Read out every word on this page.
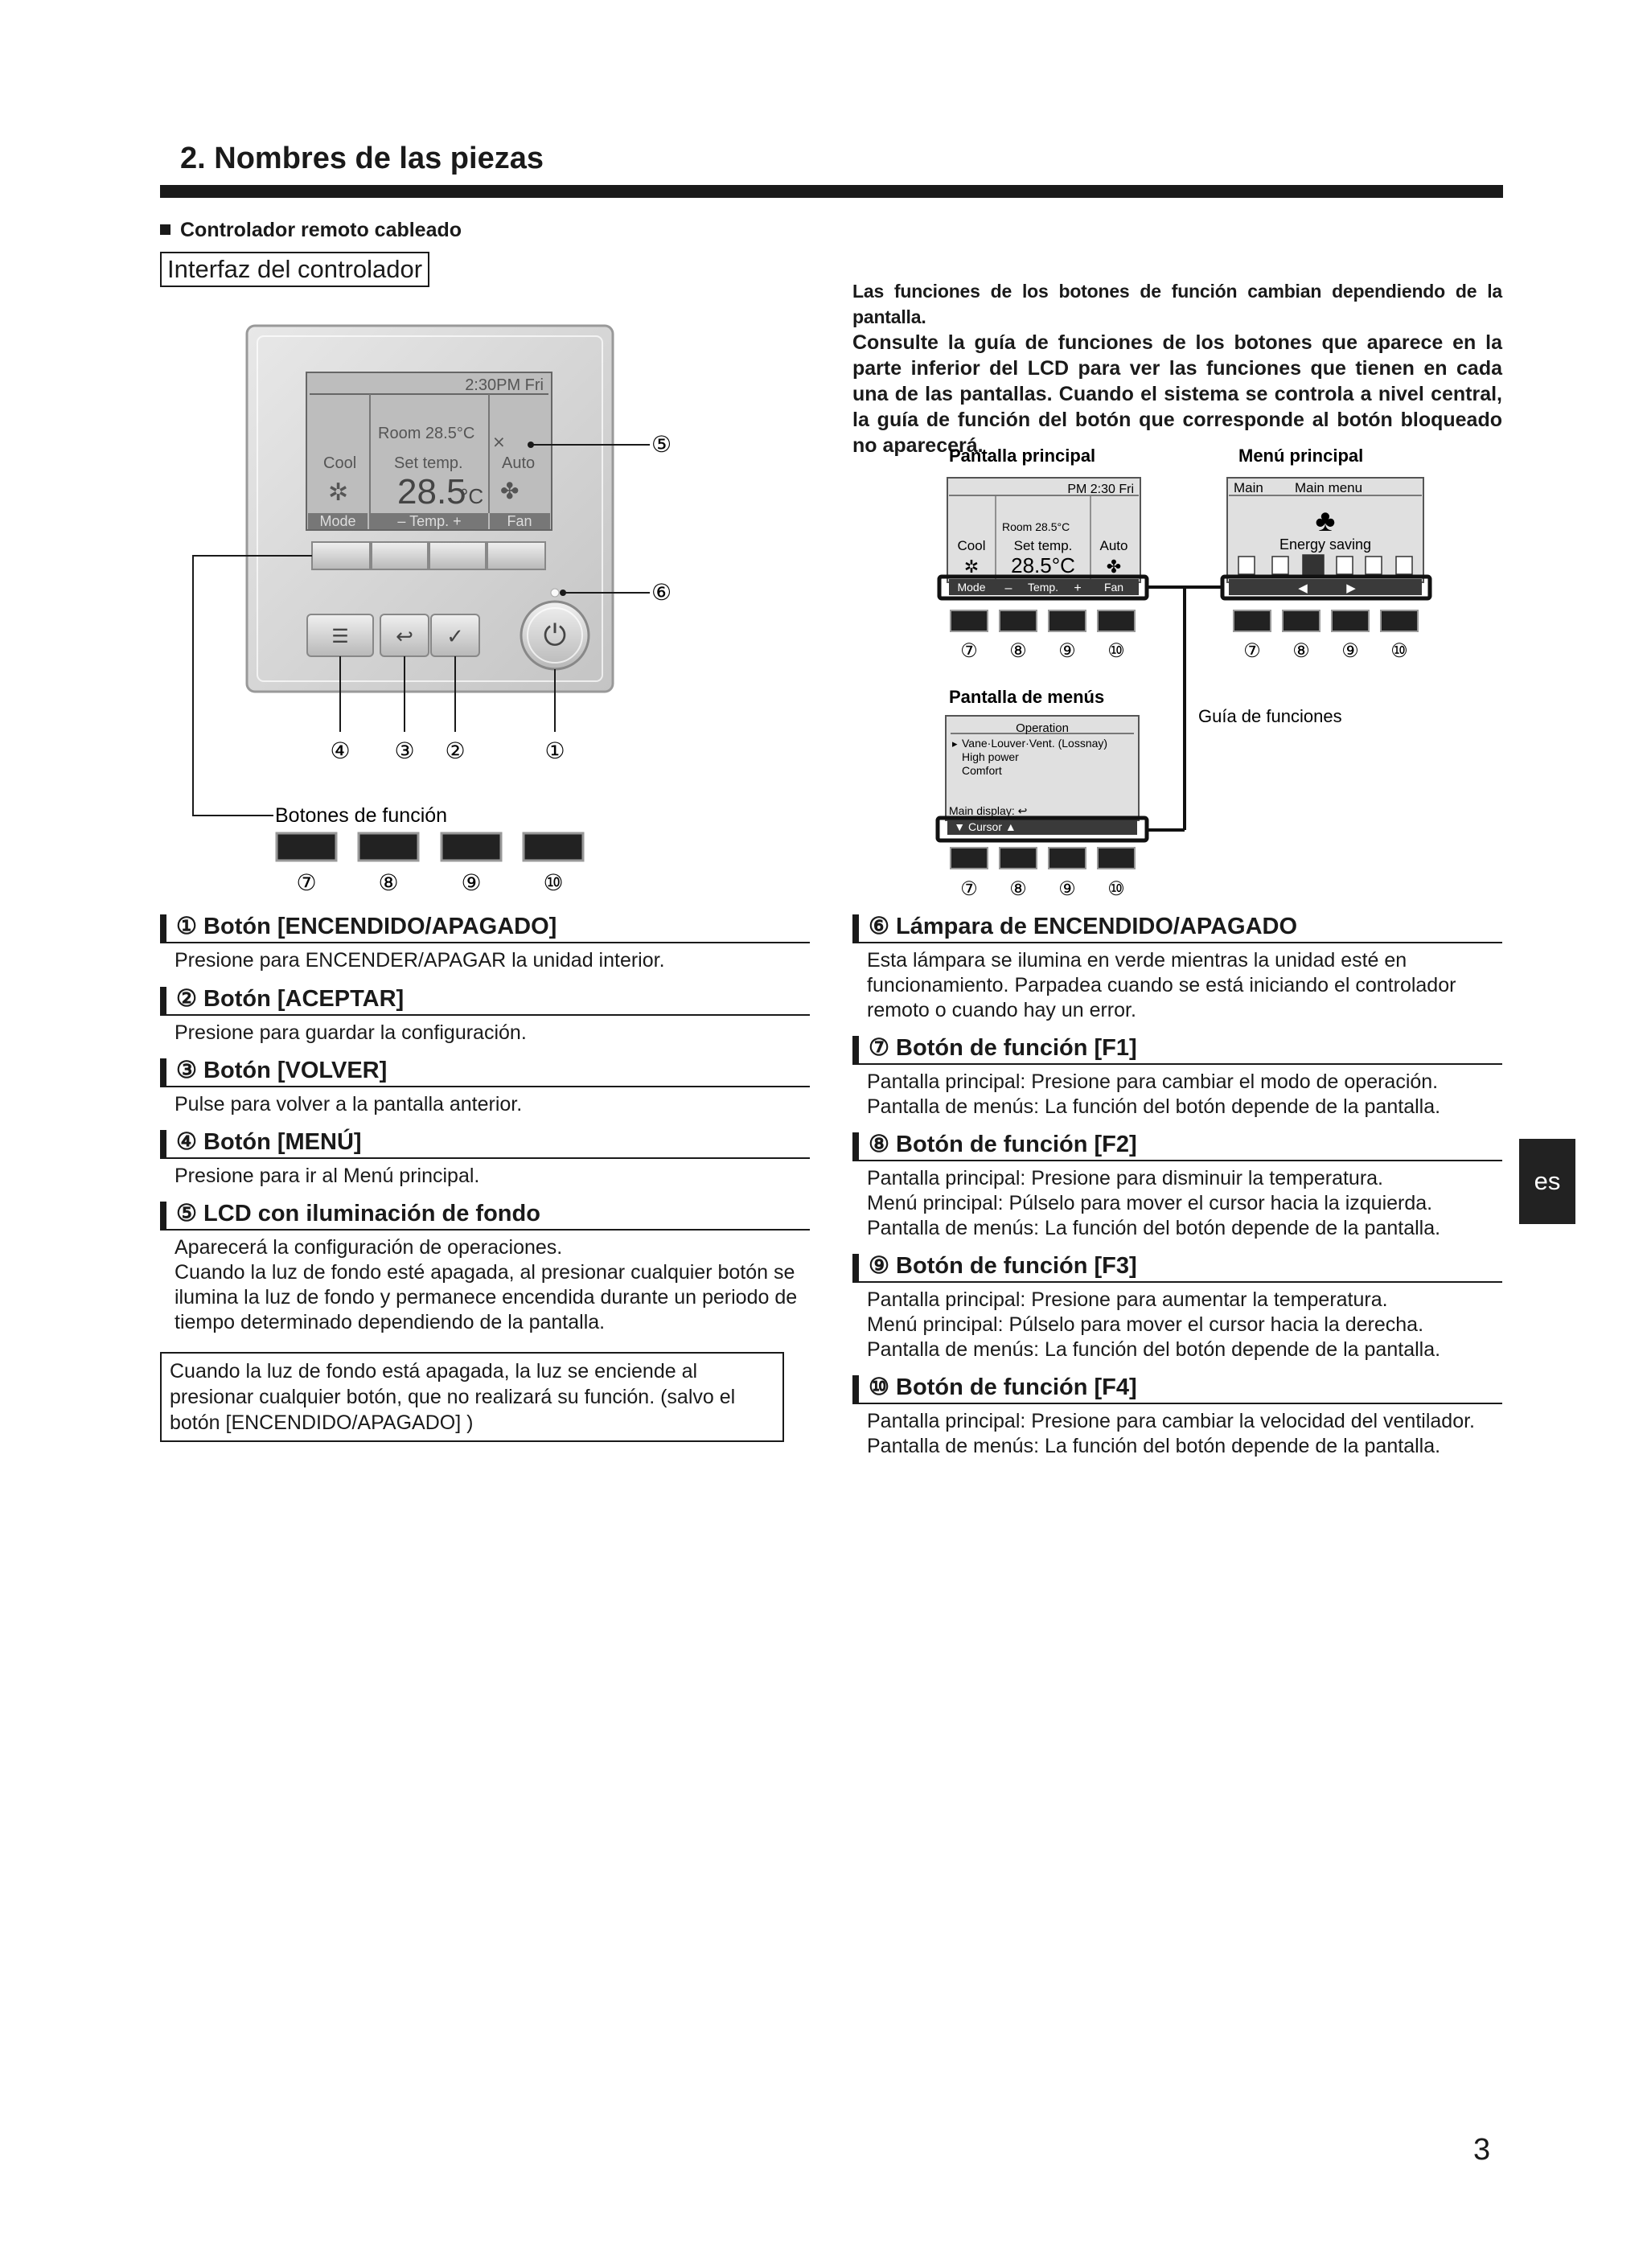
2. Nombres de las piezas
Controlador remoto cableado
Interfaz del controlador
Las funciones de los botones de función cambian dependiendo de la pantalla.
Consulte la guía de funciones de los botones que aparece en la parte inferior del LCD para ver las funciones que tienen en cada una de las pantallas. Cuando el sistema se controla a nivel central, la guía de función del botón que corresponde al botón bloqueado no aparecerá.
2:30PM Fri
Room 28.5°C
Cool Set temp. Auto
28.5
°C
✲	✤
⨯
Mode	– Temp. +	Fan
☰ ↩ ✓	⏻
⑤
⑥
④ ③ ②	①
Botones de función
⑦	⑧	⑨	⑩
Pantalla principal	Menú principal
PM 2:30 Fri
Room 28.5°C
Cool Set temp. Auto
28.5°C
✲	✤
Mode	Temp.	Fan
–	+
Main Main menu
♣
Energy saving
◀	▶
Guía de funciones
⑦ ⑧ ⑨ ⑩	⑦ ⑧ ⑨ ⑩
Pantalla de menús
Operation
▸ Vane·Louver·Vent. (Lossnay)
High power
Comfort
Main display: ↩
▼ Cursor ▲
⑦ ⑧ ⑨ ⑩
① Botón [ENCENDIDO/APAGADO]

Presione para ENCENDER/APAGAR la unidad interior.

② Botón [ACEPTAR]

Presione para guardar la configuración.

③ Botón [VOLVER]

Pulse para volver a la pantalla anterior.

④ Botón [MENÚ]

Presione para ir al Menú principal.

⑤ LCD con iluminación de fondo

Aparecerá la configuración de operaciones.

Cuando la luz de fondo esté apagada, al presionar cualquier botón se ilumina la luz de fondo y permanece encendida durante un periodo de tiempo determinado dependiendo de la pantalla.

Cuando la luz de fondo está apagada, la luz se enciende al presionar cualquier botón, que no realizará su función. (salvo el botón [ENCENDIDO/APAGADO] )
⑥ Lámpara de ENCENDIDO/APAGADO

Esta lámpara se ilumina en verde mientras la unidad esté en funcionamiento. Parpadea cuando se está iniciando el controlador remoto o cuando hay un error.

⑦ Botón de función [F1]

Pantalla principal: Presione para cambiar el modo de operación.

Pantalla de menús: La función del botón depende de la pantalla.

⑧ Botón de función [F2]

Pantalla principal: Presione para disminuir la temperatura.

Menú principal: Púlselo para mover el cursor hacia la izquierda.

Pantalla de menús: La función del botón depende de la pantalla.

⑨ Botón de función [F3]

Pantalla principal: Presione para aumentar la temperatura.

Menú principal: Púlselo para mover el cursor hacia la derecha.

Pantalla de menús: La función del botón depende de la pantalla.

⑩ Botón de función [F4]

Pantalla principal: Presione para cambiar la velocidad del ventilador.

Pantalla de menús: La función del botón depende de la pantalla.

es
3
